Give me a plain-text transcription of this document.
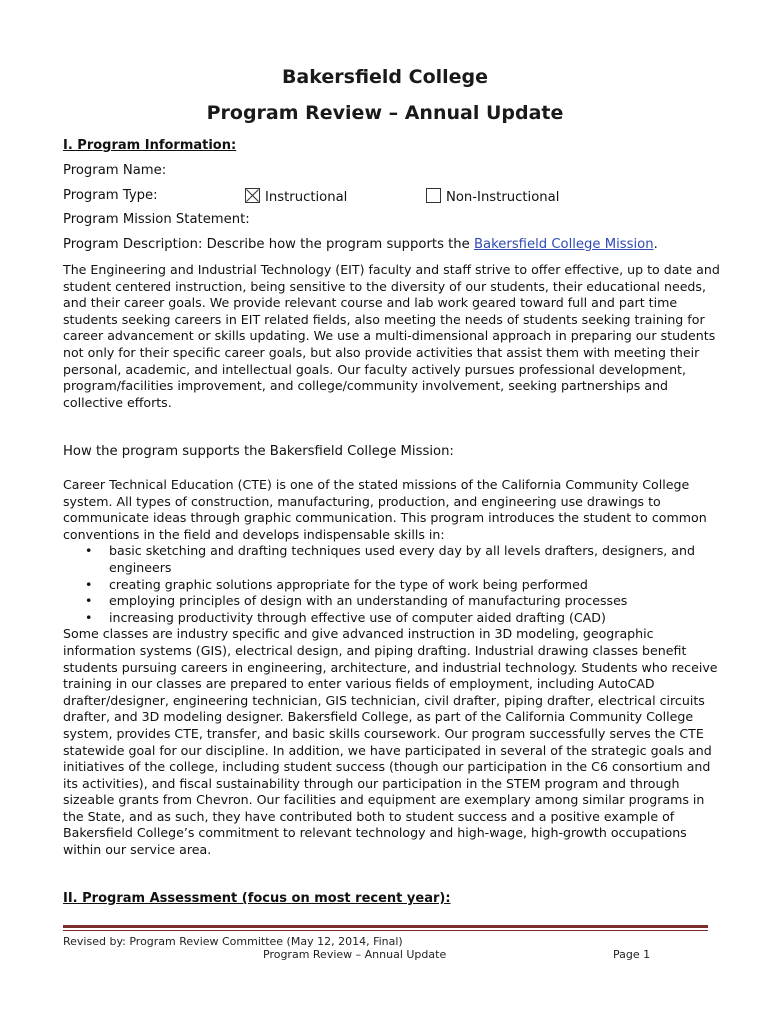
Bakersfield College
Program Review – Annual Update
I. Program Information:
Program Name:
Program Type:	Instructional	Non-Instructional
Program Mission Statement:
Program Description: Describe how the program supports the Bakersfield College Mission.

The Engineering and Industrial Technology (EIT) faculty and staff strive to offer effective, up to date and student centered instruction, being sensitive to the diversity of our students, their educational needs, and their career goals. We provide relevant course and lab work geared toward full and part time students seeking careers in EIT related fields, also meeting the needs of students seeking training for career advancement or skills updating. We use a multi-dimensional approach in preparing our students not only for their specific career goals, but also provide activities that assist them with meeting their personal, academic, and intellectual goals. Our faculty actively pursues professional development, program/facilities improvement, and college/community involvement, seeking partnerships and collective efforts.

How the program supports the Bakersfield College Mission:

Career Technical Education (CTE) is one of the stated missions of the California Community College system. All types of construction, manufacturing, production, and engineering use drawings to communicate ideas through graphic communication. This program introduces the student to common conventions in the field and develops indispensable skills in:

• basic sketching and drafting techniques used every day by all levels drafters, designers, and engineers
• creating graphic solutions appropriate for the type of work being performed
• employing principles of design with an understanding of manufacturing processes
• increasing productivity through effective use of computer aided drafting (CAD)

Some classes are industry specific and give advanced instruction in 3D modeling, geographic information systems (GIS), electrical design, and piping drafting. Industrial drawing classes benefit students pursuing careers in engineering, architecture, and industrial technology. Students who receive training in our classes are prepared to enter various fields of employment, including AutoCAD drafter/designer, engineering technician, GIS technician, civil drafter, piping drafter, electrical circuits drafter, and 3D modeling designer. Bakersfield College, as part of the California Community College system, provides CTE, transfer, and basic skills coursework. Our program successfully serves the CTE statewide goal for our discipline. In addition, we have participated in several of the strategic goals and initiatives of the college, including student success (though our participation in the C6 consortium and its activities), and fiscal sustainability through our participation in the STEM program and through sizeable grants from Chevron. Our facilities and equipment are exemplary among similar programs in the State, and as such, they have contributed both to student success and a positive example of Bakersfield College’s commitment to relevant technology and high-wage, high-growth occupations within our service area.

II. Program Assessment (focus on most recent year):
Revised by: Program Review Committee (May 12, 2014, Final)
Program Review – Annual Update	Page 1
